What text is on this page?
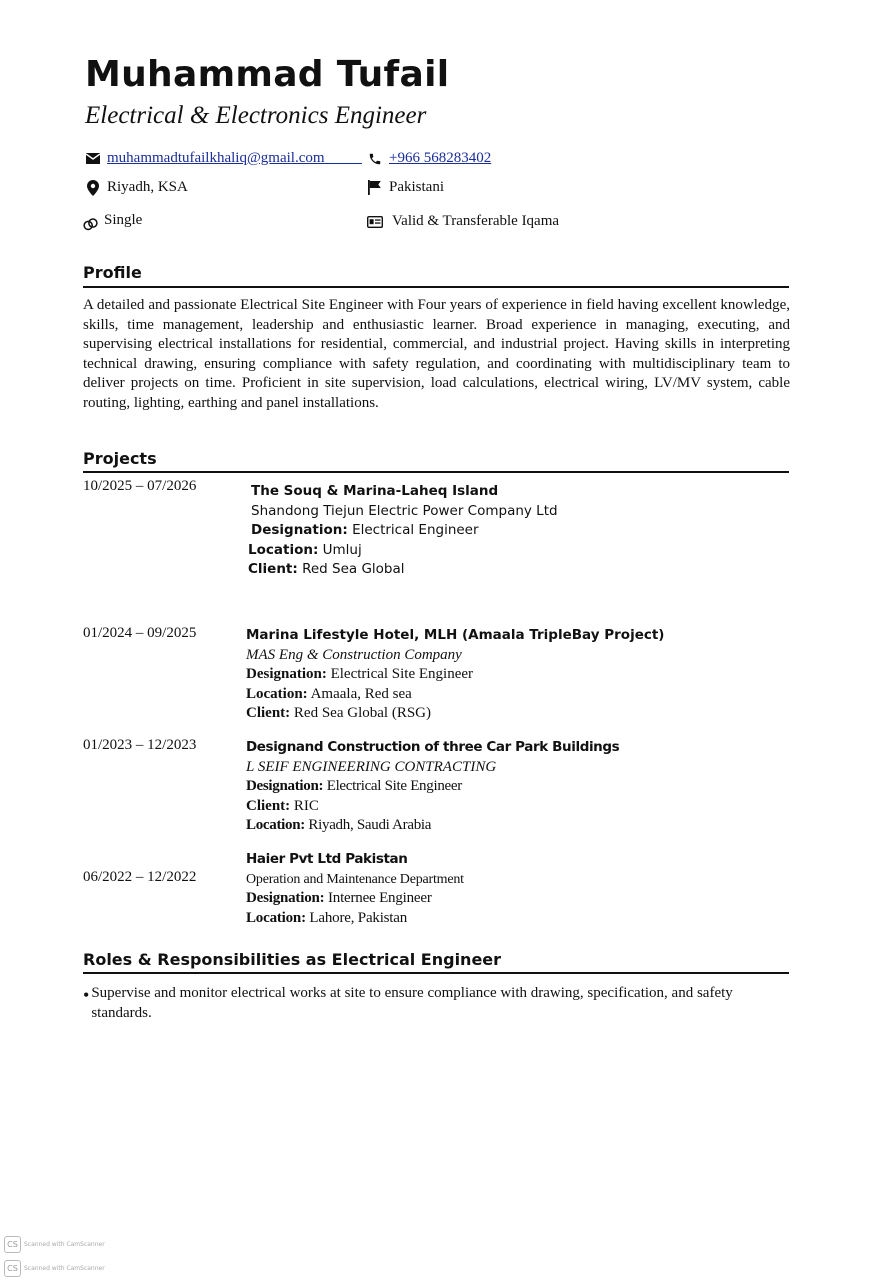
Muhammad Tufail
Electrical & Electronics Engineer
muhammadtufailkhaliq@gmail.com
	+966 568283402
Riyadh, KSA	Pakistani
Single	Valid & Transferable Iqama
Profile
A detailed and passionate Electrical Site Engineer with Four years of experience in field having excellent knowledge, skills, time management, leadership and enthusiastic learner. Broad experience in managing, executing, and supervising electrical installations for residential, commercial, and industrial project. Having skills in interpreting technical drawing, ensuring compliance with safety regulation, and coordinating with multidisciplinary team to deliver projects on time. Proficient in site supervision, load calculations, electrical wiring, LV/MV system, cable routing, lighting, earthing and panel installations.
Projects
10/2025 – 07/2026	The Souq & Marina-Laheq Island
Shandong Tiejun Electric Power Company Ltd
Designation: Electrical Engineer
Location: Umluj
Client: Red Sea Global
01/2024 – 09/2025	Marina Lifestyle Hotel, MLH (Amaala TripleBay Project)
MAS Eng & Construction Company
Designation: Electrical Site Engineer
Location: Amaala, Red sea
Client: Red Sea Global (RSG)
01/2023 – 12/2023	Designand Construction of three Car Park Buildings
L SEIF ENGINEERING CONTRACTING
Designation: Electrical Site Engineer
Client: RIC
Location: Riyadh, Saudi Arabia
06/2022 – 12/2022
Haier Pvt Ltd Pakistan
Operation and Maintenance Department
Designation: Internee Engineer
Location: Lahore, Pakistan
Roles & Responsibilities as Electrical Engineer
• Supervise and monitor electrical works at site to ensure compliance with drawing, specification, and safety standards.
CS	Scanned with CamScanner
CS	Scanned with CamScanner
